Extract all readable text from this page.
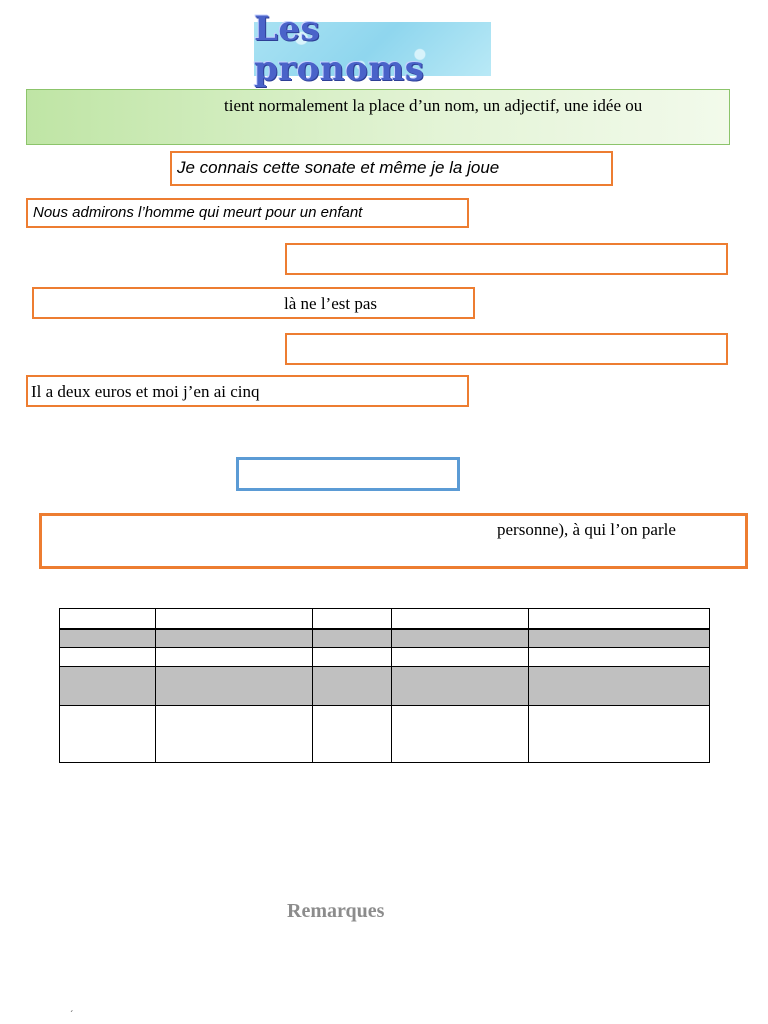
Les pronoms
tient normalement la place d’un nom, un adjectif, une idée ou
Je connais cette sonate et même je la joue
Nous admirons l’homme qui meurt pour un enfant
là ne l’est pas
Il a deux euros et moi j’en ai cinq
personne), à qui l’on parle

Remarques
´
